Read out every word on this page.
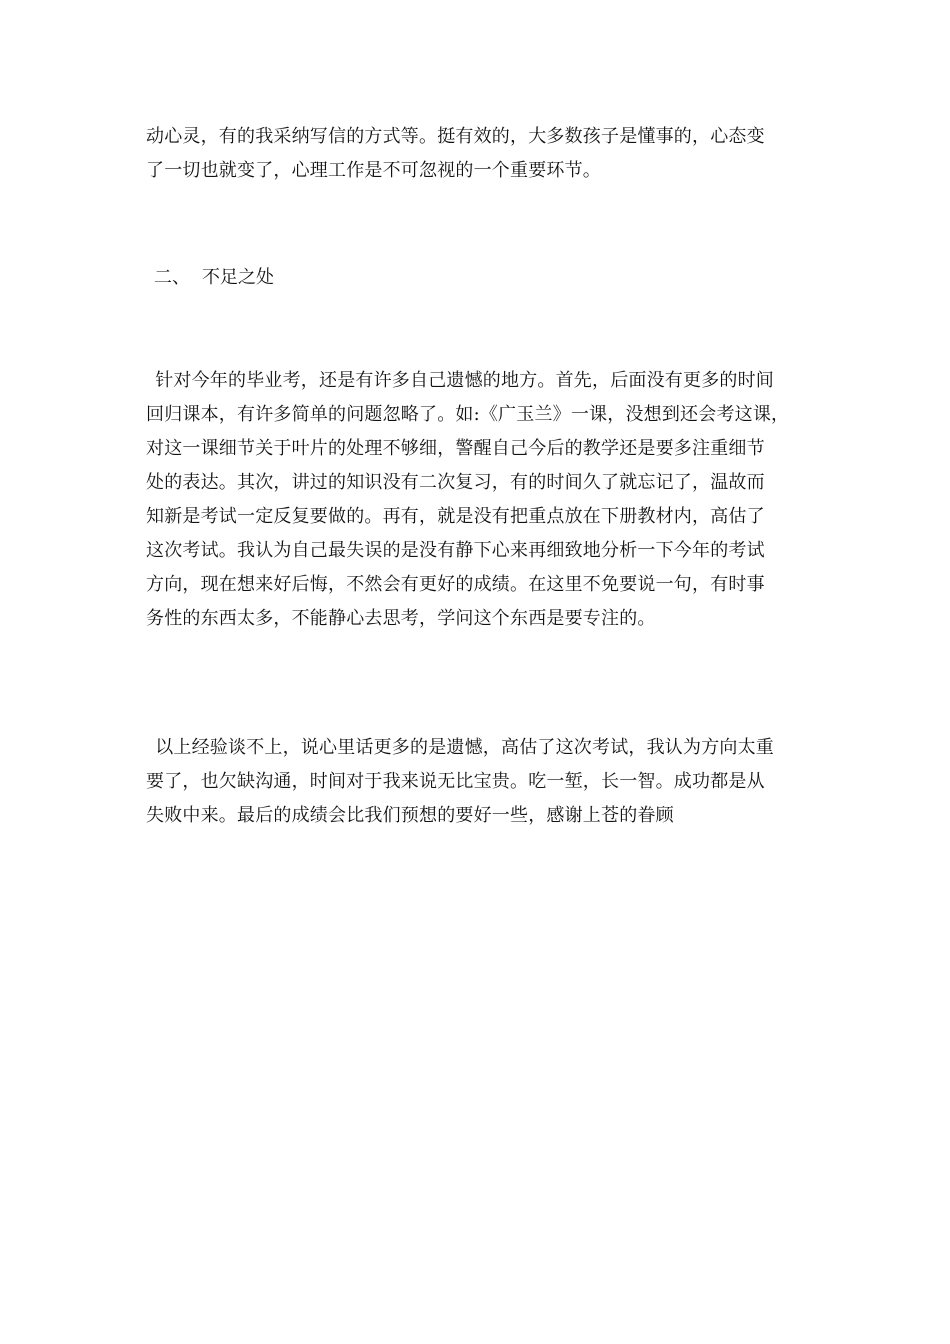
动心灵，有的我采纳写信的方式等。挺有效的，大多数孩子是懂事的，心态变
了一切也就变了，心理工作是不可忽视的一个重要环节。
二、 不足之处
 针对今年的毕业考，还是有许多自己遗憾的地方。首先，后面没有更多的时间
回归课本，有许多简单的问题忽略了。如:《广玉兰》一课，没想到还会考这课，
对这一课细节关于叶片的处理不够细，警醒自己今后的教学还是要多注重细节
处的表达。其次，讲过的知识没有二次复习，有的时间久了就忘记了，温故而
知新是考试一定反复要做的。再有，就是没有把重点放在下册教材内，高估了
这次考试。我认为自己最失误的是没有静下心来再细致地分析一下今年的考试
方向，现在想来好后悔，不然会有更好的成绩。在这里不免要说一句，有时事
务性的东西太多，不能静心去思考，学问这个东西是要专注的。
 以上经验谈不上，说心里话更多的是遗憾，高估了这次考试，我认为方向太重
要了，也欠缺沟通，时间对于我来说无比宝贵。吃一堑，长一智。成功都是从
失败中来。最后的成绩会比我们预想的要好一些，感谢上苍的眷顾
